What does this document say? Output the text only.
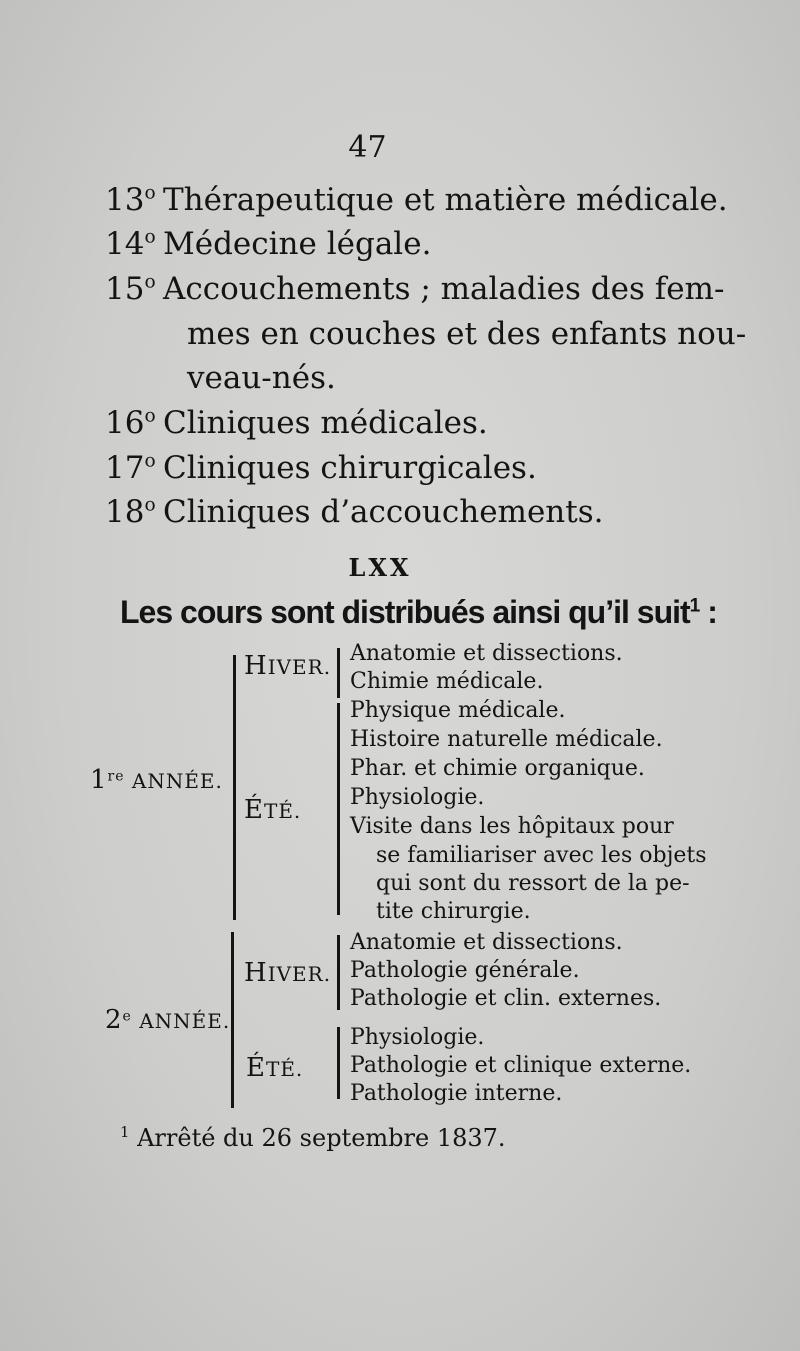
47
13$^o$ Thérapeutique et matière médicale.
14$^o$ Médecine légale.
15$^o$ Accouchements ; maladies des fem-
mes en couches et des enfants nou-
veau-nés.
16$^o$ Cliniques médicales.
17$^o$ Cliniques chirurgicales.
18$^o$ Cliniques d’accouchements.
LXX
Les cours sont distribués ainsi qu’il suit$^1$ :
1re ANNÉE.
HIVER.
ÉTÉ.
Anatomie et dissections.
Chimie médicale.
Physique médicale.
Histoire naturelle médicale.
Phar. et chimie organique.
Physiologie.
Visite dans les hôpitaux pour
se familiariser avec les objets
qui sont du ressort de la pe-
tite chirurgie.
2e ANNÉE.
HIVER.
ÉTÉ.
Anatomie et dissections.
Pathologie générale.
Pathologie et clin. externes.
Physiologie.
Pathologie et clinique externe.
Pathologie interne.
$^1$ Arrêté du 26 septembre 1837.
